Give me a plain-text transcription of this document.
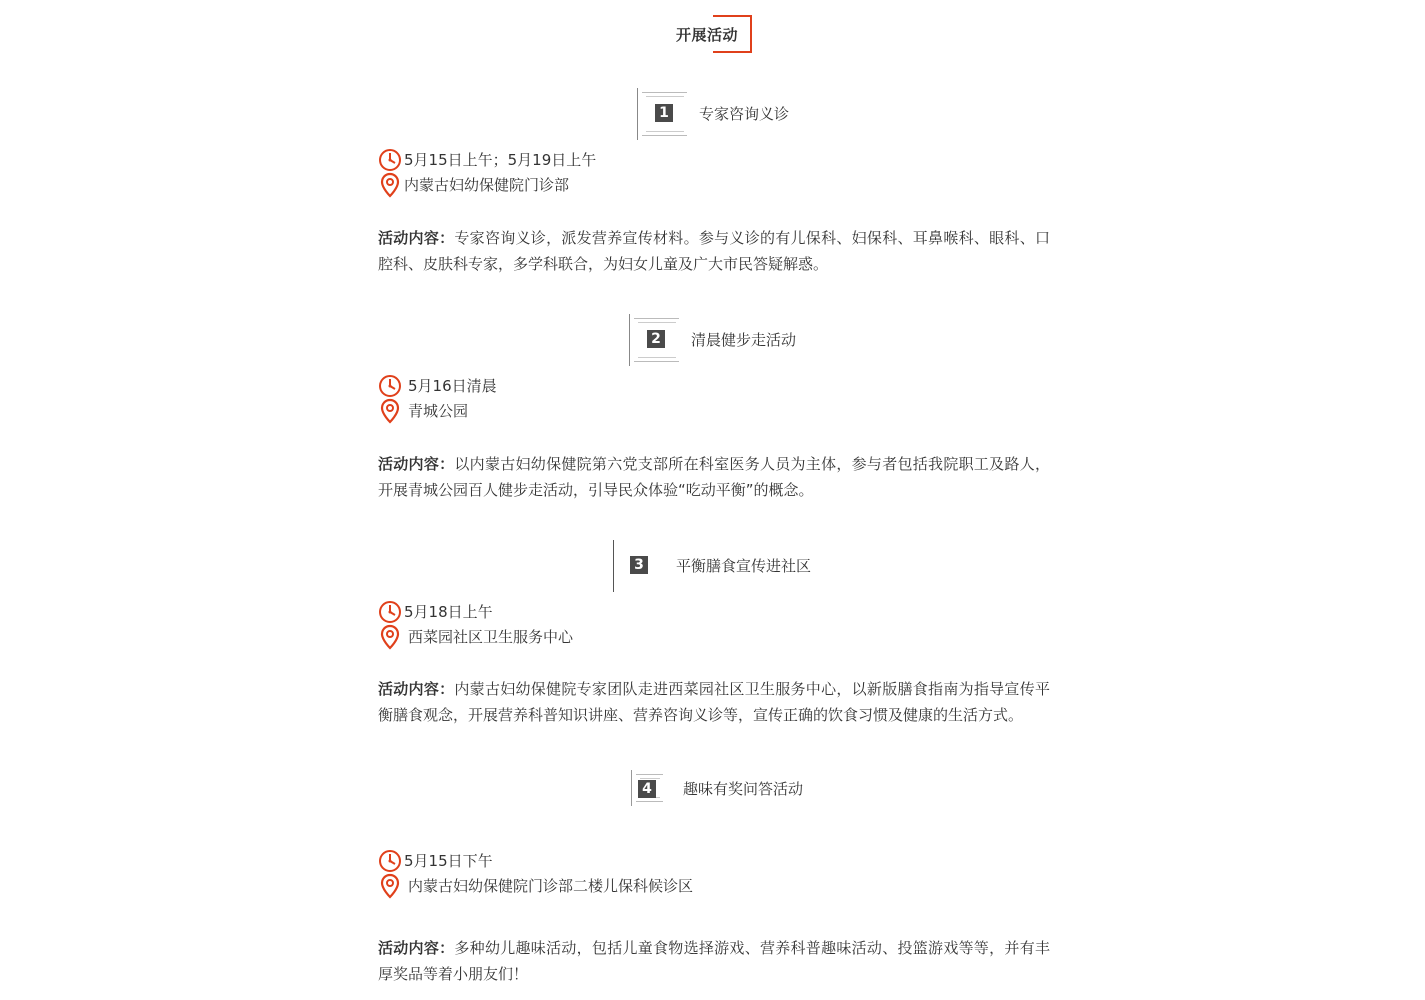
开展活动
1 专家咨询义诊
5月15日上午；5月19日上午
内蒙古妇幼保健院门诊部
活动内容：专家咨询义诊，派发营养宣传材料。参与义诊的有儿保科、妇保科、耳鼻喉科、眼科、口腔科、皮肤科专家，多学科联合，为妇女儿童及广大市民答疑解惑。
2 清晨健步走活动
5月16日清晨
青城公园
活动内容：以内蒙古妇幼保健院第六党支部所在科室医务人员为主体，参与者包括我院职工及路人，开展青城公园百人健步走活动，引导民众体验“吃动平衡”的概念。
3 平衡膳食宣传进社区
5月18日上午
西菜园社区卫生服务中心
活动内容：内蒙古妇幼保健院专家团队走进西菜园社区卫生服务中心，以新版膳食指南为指导宣传平衡膳食观念，开展营养科普知识讲座、营养咨询义诊等，宣传正确的饮食习惯及健康的生活方式。
4 趣味有奖问答活动
5月15日下午
内蒙古妇幼保健院门诊部二楼儿保科候诊区
活动内容：多种幼儿趣味活动，包括儿童食物选择游戏、营养科普趣味活动、投篮游戏等等，并有丰厚奖品等着小朋友们！
